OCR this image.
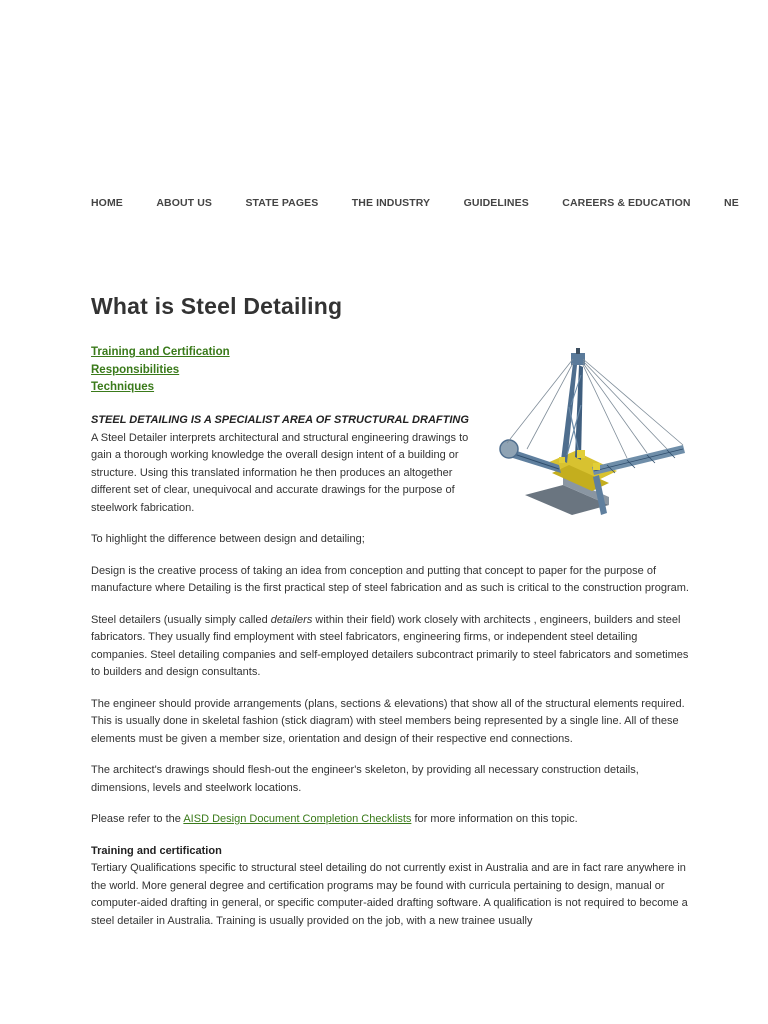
HOME	ABOUT US	STATE PAGES	THE INDUSTRY	GUIDELINES	CAREERS & EDUCATION	NE
What is Steel Detailing
Training and Certification
Responsibilities
Techniques
STEEL DETAILING IS A SPECIALIST AREA OF STRUCTURAL DRAFTING

A Steel Detailer interprets architectural and structural engineering drawings to gain a thorough working knowledge the overall design intent of a building or structure. Using this translated information he then produces an altogether different set of clear, unequivocal and accurate drawings for the purpose of steelwork fabrication.

To highlight the difference between design and detailing;

Design is the creative process of taking an idea from conception and putting that concept to paper for the purpose of manufacture where Detailing is the first practical step of steel fabrication and as such is critical to the construction program.

Steel detailers (usually simply called detailers within their field) work closely with architects , engineers, builders and steel fabricators. They usually find employment with steel fabricators, engineering firms, or independent steel detailing companies. Steel detailing companies and self-employed detailers subcontract primarily to steel fabricators and sometimes to builders and design consultants.

The engineer should provide arrangements (plans, sections & elevations) that show all of the structural elements required. This is usually done in skeletal fashion (stick diagram) with steel members being represented by a single line. All of these elements must be given a member size, orientation and design of their respective end connections.

The architect's drawings should flesh-out the engineer's skeleton, by providing all necessary construction details, dimensions, levels and steelwork locations.

Please refer to the AISD Design Document Completion Checklists for more information on this topic.

Training and certification

Tertiary Qualifications specific to structural steel detailing do not currently exist in Australia and are in fact rare anywhere in the world. More general degree and certification programs may be found with curricula pertaining to design, manual or computer-aided drafting in general, or specific computer-aided drafting software. A qualification is not required to become a steel detailer in Australia. Training is usually provided on the job, with a new trainee usually
